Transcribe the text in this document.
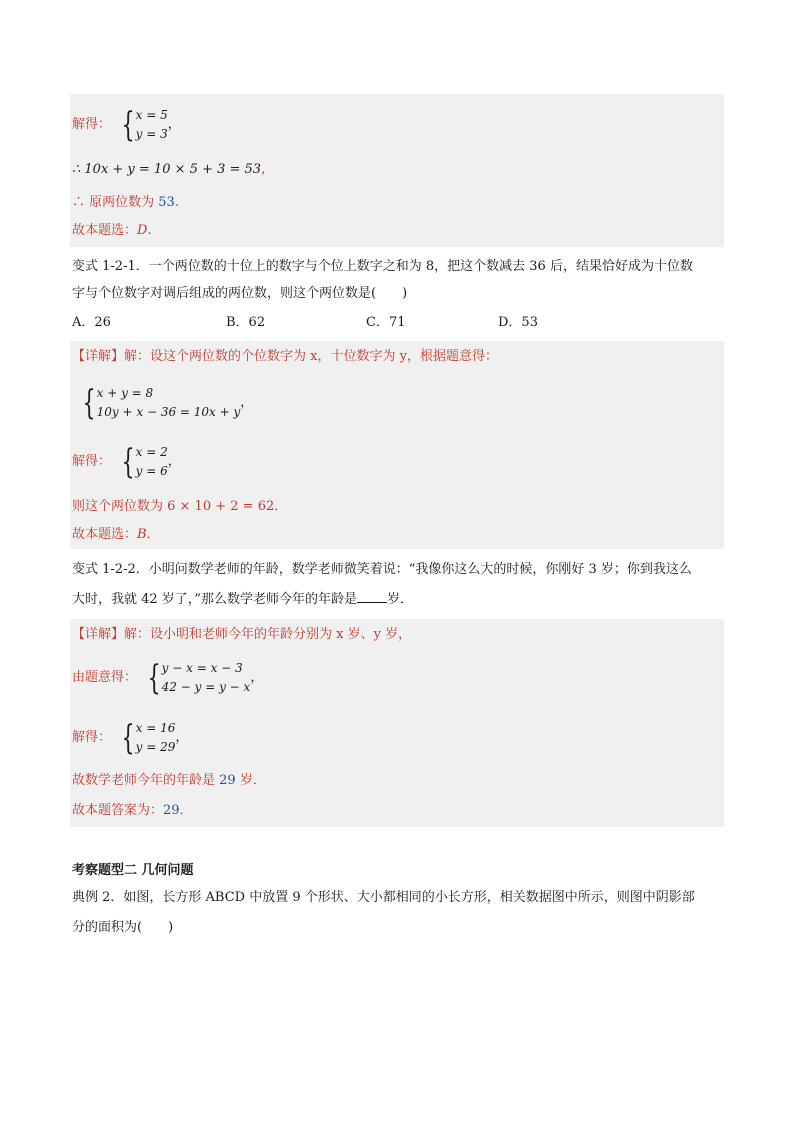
解得： { x = 5
y = 3
，
∴ 10x + y = 10 × 5 + 3 = 53，
∴ 原两位数为 53.
故本题选：D.
变式 1-2-1．一个两位数的十位上的数字与个位上数字之和为 8，把这个数减去 36 后，结果恰好成为十位数
字与个位数字对调后组成的两位数，则这个两位数是(　　)
A．26	B．62	C．71	D．53
【详解】解：设这个两位数的个位数字为 x，十位数字为 y，根据题意得：
{ x + y = 8
10y + x − 36 = 10x + y
，
解得： { x = 2
y = 6
，
则这个两位数为 6 × 10 + 2 = 62．
故本题选：B．
变式 1-2-2．小明问数学老师的年龄，数学老师微笑着说：“我像你这么大的时候，你刚好 3 岁；你到我这么
大时，我就 42 岁了，”那么数学老师今年的年龄是 岁．
【详解】解：设小明和老师今年的年龄分别为 x 岁、y 岁，
由题意得： { y − x = x − 3
42 − y = y − x
，
解得： { x = 16
y = 29
，
故数学老师今年的年龄是 29 岁．
故本题答案为：29．
考察题型二 几何问题
典例 2．如图，长方形 ABCD 中放置 9 个形状、大小都相同的小长方形，相关数据图中所示，则图中阴影部
分的面积为(　　)
